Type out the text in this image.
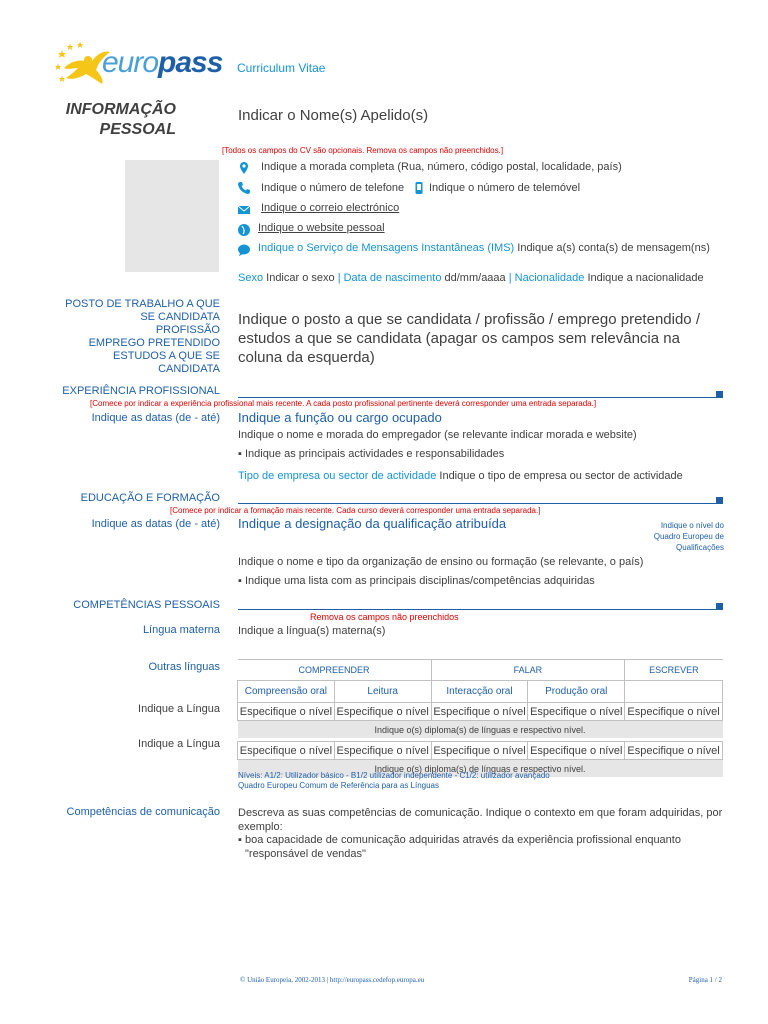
europass Curriculum Vitae
INFORMAÇÃO
PESSOAL
Indicar o Nome(s) Apelido(s)
[Todos os campos do CV são opcionais. Remova os campos não preenchidos.]
Indique a morada completa (Rua, número, código postal, localidade, país)
Indique o número de telefone Indique o número de telemóvel
Indique o correio electrónico
Indique o website pessoal
Indique o Serviço de Mensagens Instantâneas (IMS) Indique a(s) conta(s) de mensagem(ns)
Sexo Indicar o sexo | Data de nascimento dd/mm/aaaa | Nacionalidade Indique a nacionalidade
POSTO DE TRABALHO A QUE
SE CANDIDATA
PROFISSÃO
EMPREGO PRETENDIDO
ESTUDOS A QUE SE
CANDIDATA
Indique o posto a que se candidata / profissão / emprego pretendido / estudos a que se candidata (apagar os campos sem relevância na coluna da esquerda)
EXPERIÊNCIA PROFISSIONAL
[Comece por indicar a experiência profissional mais recente. A cada posto profissional pertinente deverá corresponder uma entrada separada.]
Indique as datas (de - até) Indique a função ou cargo ocupado
Indique o nome e morada do empregador (se relevante indicar morada e website)
▪ Indique as principais actividades e responsabilidades
Tipo de empresa ou sector de actividade Indique o tipo de empresa ou sector de actividade
EDUCAÇÃO E FORMAÇÃO
[Comece por indicar a formação mais recente. Cada curso deverá corresponder uma entrada separada.]
Indique as datas (de - até) Indique a designação da qualificação atribuída	Indique o nível do
Quadro Europeu de
Qualificações
Indique o nome e tipo da organização de ensino ou formação (se relevante, o país)
▪ Indique uma lista com as principais disciplinas/competências adquiridas
COMPETÊNCIAS PESSOAIS
Remova os campos não preenchidos
Língua materna Indique a língua(s) materna(s)
Outras línguas	COMPREENDER		FALAR		ESCREVER
Compreensão oral	Leitura	Interacção oral	Produção oral	
Especifique o nível	Especifique o nível	Especifique o nível	Especifique o nível	Especifique o nível
Indique o(s) diploma(s) de línguas e respectivo nível.				

Especifique o nível	Especifique o nível	Especifique o nível	Especifique o nível	Especifique o nível
Indique o(s) diploma(s) de línguas e respectivo nível.				
Indique a Língua
Indique a Língua
Níveis: A1/2: Utilizador básico - B1/2 utilizador independente - C1/2: utilizador avançado
Quadro Europeu Comum de Referência para as Línguas
Competências de comunicação Descreva as suas competências de comunicação. Indique o contexto em que foram adquiridas, por exemplo:
▪ boa capacidade de comunicação adquiridas através da experiência profissional enquanto
"responsável de vendas"
© União Europeia, 2002-2013 | http://europass.cedefop.europa.eu	Página 1 / 2
